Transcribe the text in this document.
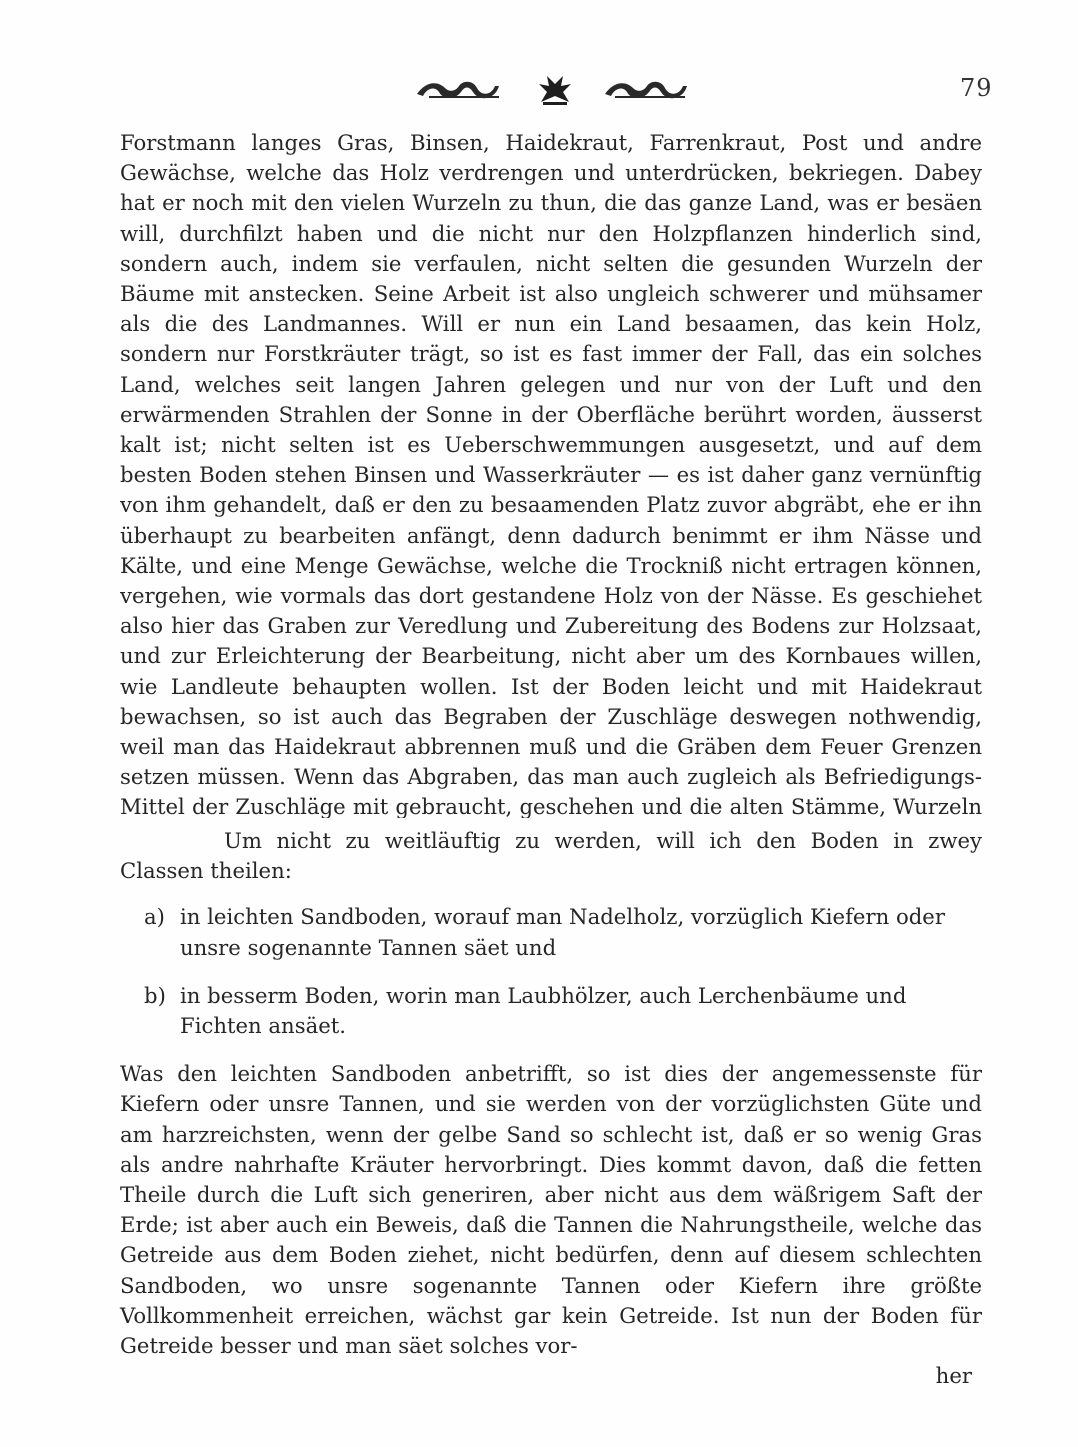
79

Forstmann langes Gras, Binsen, Haidekraut, Farrenkraut, Post und andre Gewächse, welche das Holz verdrengen und unterdrücken, bekriegen. Dabey hat er noch mit den vielen Wurzeln zu thun, die das ganze Land, was er besäen will, durchfilzt haben und die nicht nur den Holzpflanzen hinderlich sind, sondern auch, indem sie verfaulen, nicht selten die gesunden Wurzeln der Bäume mit anstecken. Seine Arbeit ist also ungleich schwerer und mühsamer als die des Landmannes. Will er nun ein Land besaamen, das kein Holz, sondern nur Forstkräuter trägt, so ist es fast immer der Fall, das ein solches Land, welches seit langen Jahren gelegen und nur von der Luft und den erwärmenden Strahlen der Sonne in der Oberfläche berührt worden, äusserst kalt ist; nicht selten ist es Ueberschwemmungen ausgesetzt, und auf dem besten Boden stehen Binsen und Wasserkräuter — es ist daher ganz vernünftig von ihm gehandelt, daß er den zu besaamenden Platz zuvor abgräbt, ehe er ihn überhaupt zu bearbeiten anfängt, denn dadurch benimmt er ihm Nässe und Kälte, und eine Menge Gewächse, welche die Trockniß nicht ertragen können, vergehen, wie vormals das dort gestandene Holz von der Nässe. Es geschiehet also hier das Graben zur Veredlung und Zubereitung des Bodens zur Holzsaat, und zur Erleichterung der Bearbeitung, nicht aber um des Kornbaues willen, wie Landleute behaupten wollen. Ist der Boden leicht und mit Haidekraut bewachsen, so ist auch das Begraben der Zuschläge deswegen nothwendig, weil man das Haidekraut abbrennen muß und die Gräben dem Feuer Grenzen setzen müssen. Wenn das Abgraben, das man auch zugleich als Befriedigungs-Mittel der Zuschläge mit gebraucht, geschehen und die alten Stämme, Wurzeln

Um nicht zu weitläuftig zu werden, will ich den Boden in zwey Classen theilen:

a) in leichten Sandboden, worauf man Nadelholz, vorzüglich Kiefern oder unsre sogenannte Tannen säet und
b) in besserm Boden, worin man Laubhölzer, auch Lerchenbäume und Fichten ansäet.

Was den leichten Sandboden anbetrifft, so ist dies der angemessenste für Kiefern oder unsre Tannen, und sie werden von der vorzüglichsten Güte und am harzreichsten, wenn der gelbe Sand so schlecht ist, daß er so wenig Gras als andre nahrhafte Kräuter hervorbringt. Dies kommt davon, daß die fetten Theile durch die Luft sich generiren, aber nicht aus dem wäßrigem Saft der Erde; ist aber auch ein Beweis, daß die Tannen die Nahrungstheile, welche das Getreide aus dem Boden ziehet, nicht bedürfen, denn auf diesem schlechten Sandboden, wo unsre sogenannte Tannen oder Kiefern ihre größte Vollkommenheit erreichen, wächst gar kein Getreide. Ist nun der Boden für Getreide besser und man säet solches vor-

her
